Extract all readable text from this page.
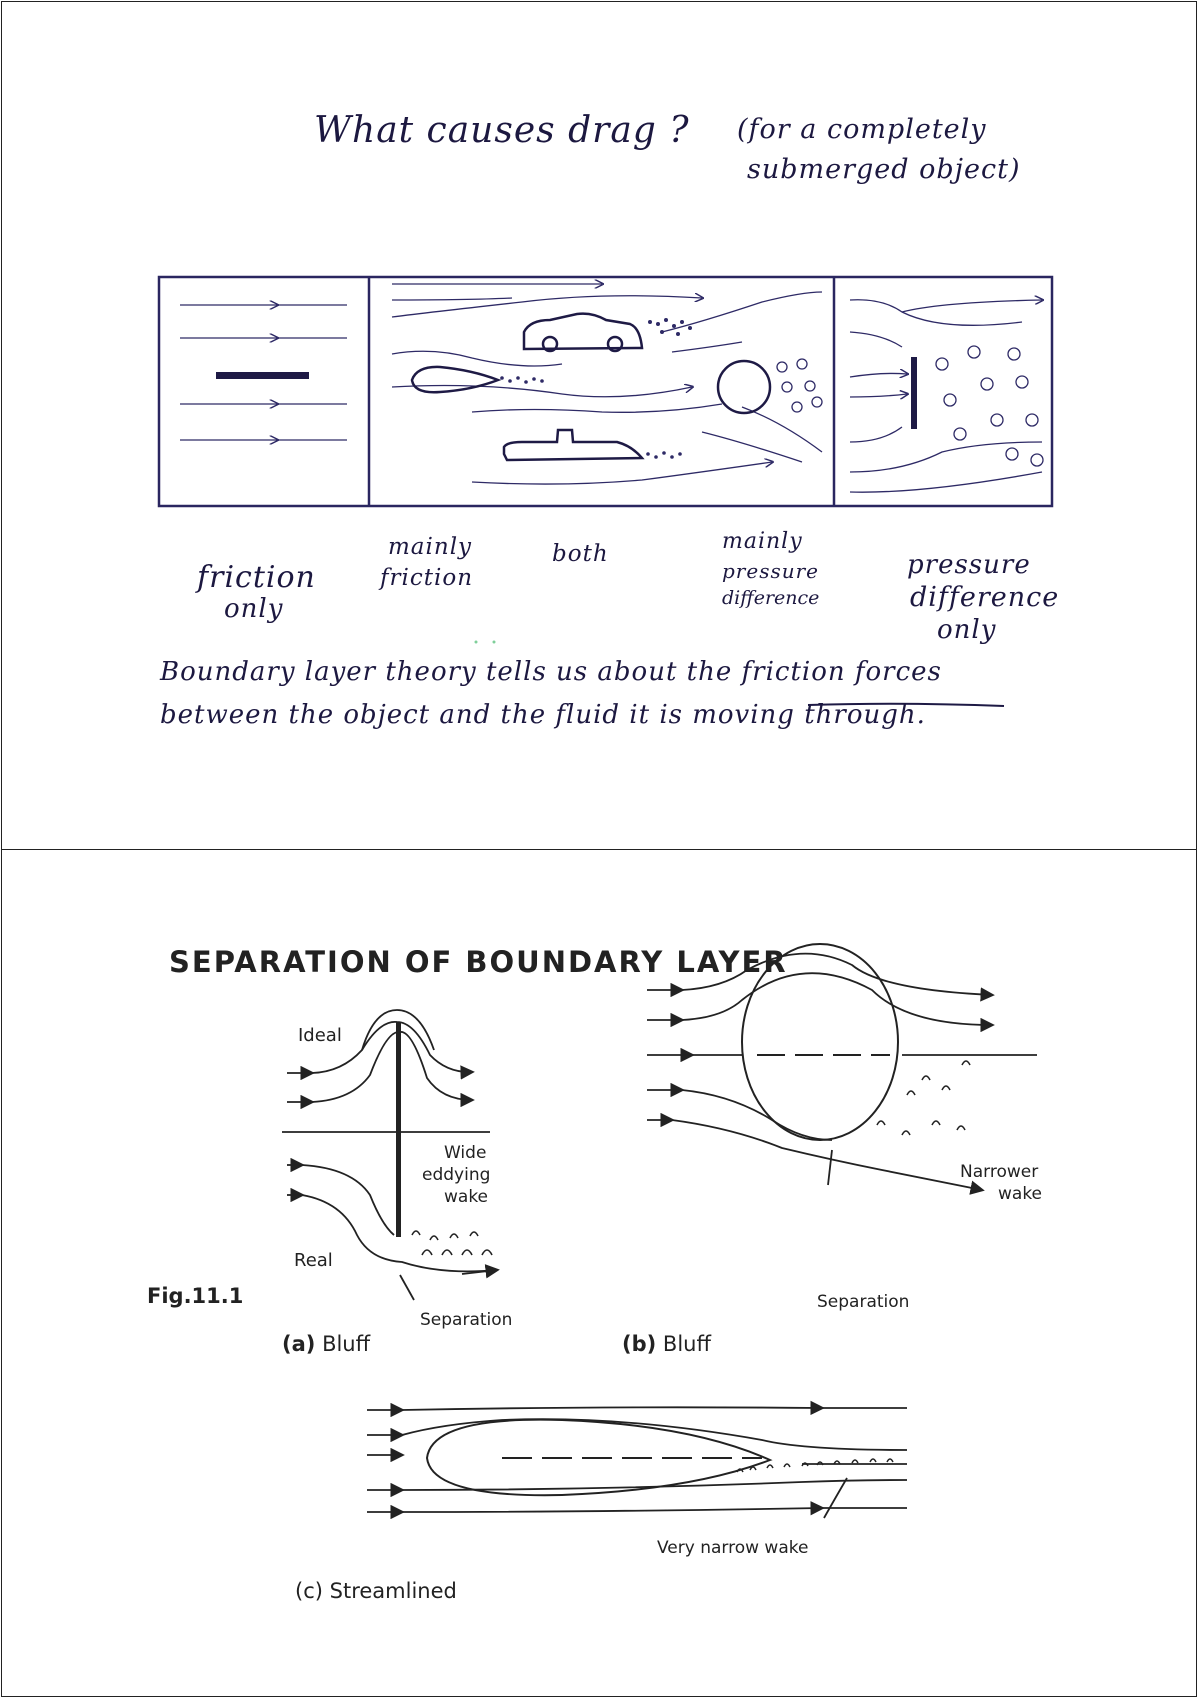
What causes drag ? (for a completely
submerged object)
friction
only
mainly
friction
both	mainly
pressure
difference
pressure
difference
only
Boundary layer theory tells us about the friction forces
between the object and the fluid it is moving through.
SEPARATION OF BOUNDARY LAYER
Ideal
Wide
eddying
wake
Real
Separation
(a) Bluff
Fig.11.1
Narrower
wake
Separation
(b) Bluff
Very narrow wake
(c) Streamlined
